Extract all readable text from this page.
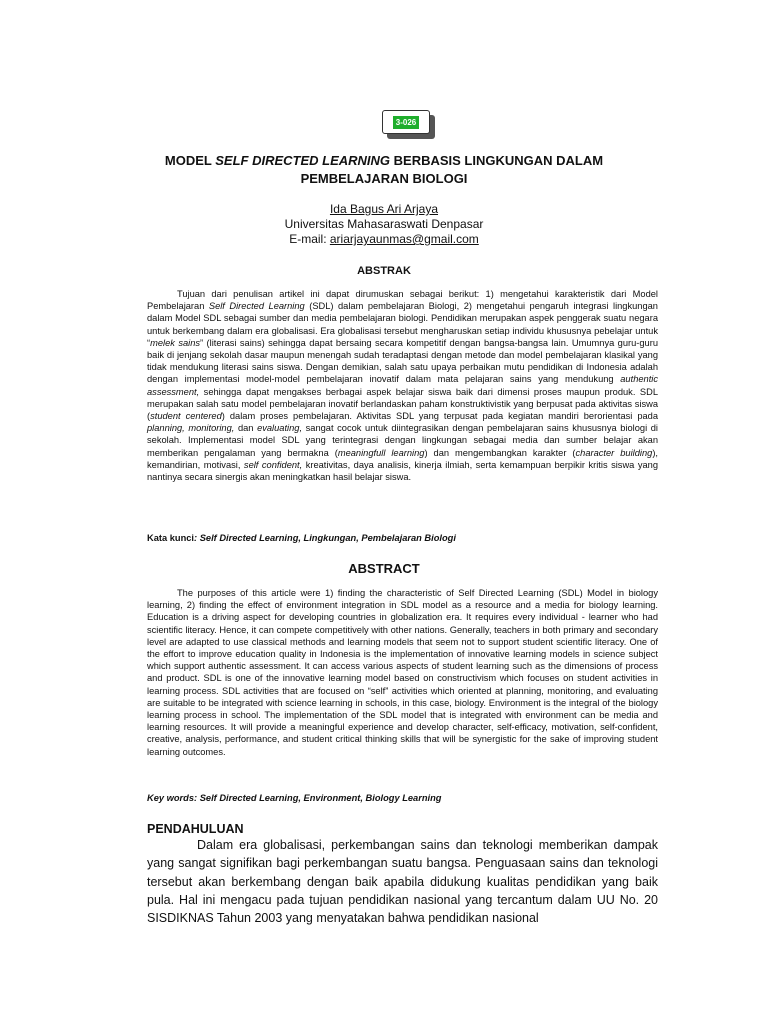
3-026
MODEL SELF DIRECTED LEARNING BERBASIS LINGKUNGAN DALAM
PEMBELAJARAN BIOLOGI
Ida Bagus Ari Arjaya
Universitas Mahasaraswati Denpasar
E-mail: ariarjayaunmas@gmail.com
ABSTRAK
Tujuan dari penulisan artikel ini dapat dirumuskan sebagai berikut: 1) mengetahui karakteristik dari Model Pembelajaran Self Directed Learning (SDL) dalam pembelajaran Biologi, 2) mengetahui pengaruh integrasi lingkungan dalam Model SDL sebagai sumber dan media pembelajaran biologi. Pendidikan merupakan aspek penggerak suatu negara untuk berkembang dalam era globalisasi. Era globalisasi tersebut mengharuskan setiap individu khususnya pebelajar untuk “melek sains” (literasi sains) sehingga dapat bersaing secara kompetitif dengan bangsa-bangsa lain. Umumnya guru-guru baik di jenjang sekolah dasar maupun menengah sudah teradaptasi dengan metode dan model pembelajaran klasikal yang tidak mendukung literasi sains siswa. Dengan demikian, salah satu upaya perbaikan mutu pendidikan di Indonesia adalah dengan implementasi model-model pembelajaran inovatif dalam mata pelajaran sains yang mendukung authentic assessment, sehingga dapat mengakses berbagai aspek belajar siswa baik dari dimensi proses maupun produk. SDL merupakan salah satu model pembelajaran inovatif berlandaskan paham konstruktivistik yang berpusat pada aktivitas siswa (student centered) dalam proses pembelajaran. Aktivitas SDL yang terpusat pada kegiatan mandiri berorientasi pada planning, monitoring, dan evaluating, sangat cocok untuk diintegrasikan dengan pembelajaran sains khususnya biologi di sekolah. Implementasi model SDL yang terintegrasi dengan lingkungan sebagai media dan sumber belajar akan memberikan pengalaman yang bermakna (meaningfull learning) dan mengembangkan karakter (character building), kemandirian, motivasi, self confident, kreativitas, daya analisis, kinerja ilmiah, serta kemampuan berpikir kritis siswa yang nantinya secara sinergis akan meningkatkan hasil belajar siswa.
Kata kunci: Self Directed Learning, Lingkungan, Pembelajaran Biologi
ABSTRACT
The purposes of this article were 1) finding the characteristic of Self Directed Learning (SDL) Model in biology learning, 2) finding the effect of environment integration in SDL model as a resource and a media for biology learning. Education is a driving aspect for developing countries in globalization era. It requires every individual - learner who had scientific literacy. Hence, it can compete competitively with other nations. Generally, teachers in both primary and secondary level are adapted to use classical methods and learning models that seem not to support student scientific literacy. One of the effort to improve education quality in Indonesia is the implementation of innovative learning models in science subject which support authentic assessment. It can access various aspects of student learning such as the dimensions of process and product. SDL is one of the innovative learning model based on constructivism which focuses on student activities in learning process. SDL activities that are focused on “self” activities which oriented at planning, monitoring, and evaluating are suitable to be integrated with science learning in schools, in this case, biology. Environment is the integral of the biology learning process in school. The implementation of the SDL model that is integrated with environment can be media and learning resources. It will provide a meaningful experience and develop character, self-efficacy, motivation, self-confident, creative, analysis, performance, and student critical thinking skills that will be synergistic for the sake of improving student learning outcomes.
Key words: Self Directed Learning, Environment, Biology Learning
PENDAHULUAN
Dalam era globalisasi, perkembangan sains dan teknologi memberikan dampak yang sangat signifikan bagi perkembangan suatu bangsa. Penguasaan sains dan teknologi tersebut akan berkembang dengan baik apabila didukung kualitas pendidikan yang baik pula. Hal ini mengacu pada tujuan pendidikan nasional yang tercantum dalam UU No. 20 SISDIKNAS Tahun 2003 yang menyatakan bahwa pendidikan nasional
